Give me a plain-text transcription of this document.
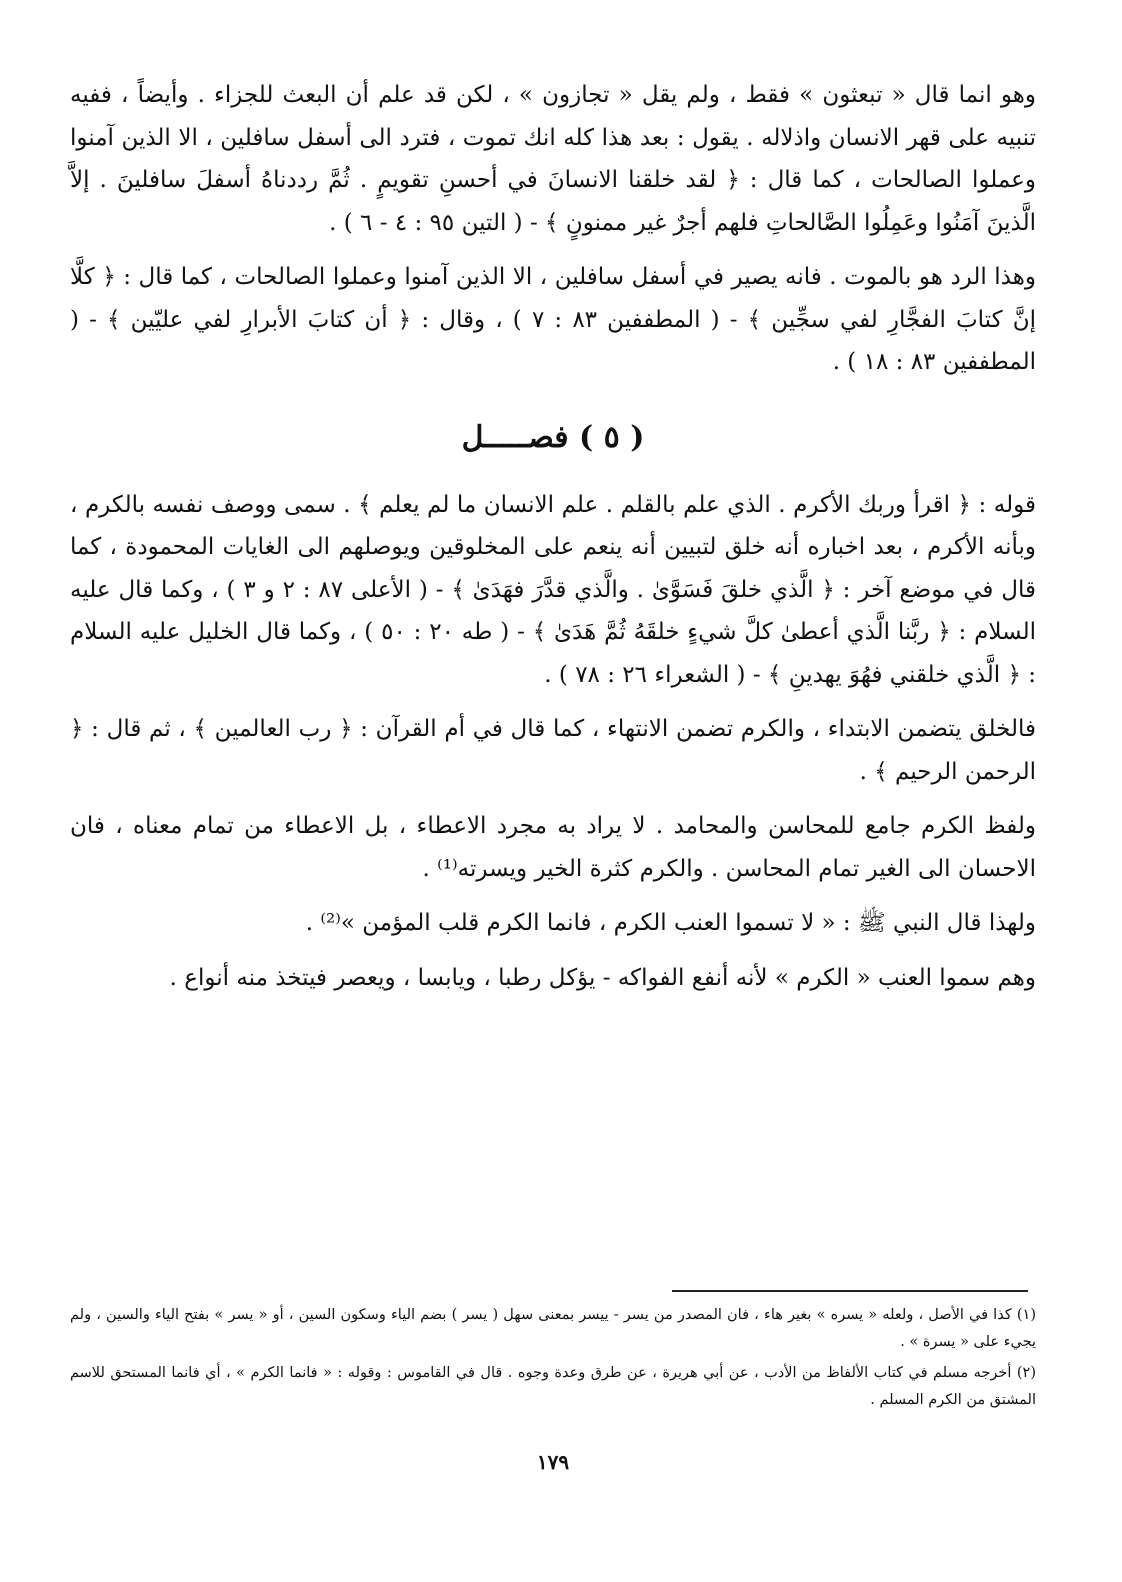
وهو انما قال « تبعثون » فقط ، ولم يقل « تجازون » ، لكن قد علم أن البعث للجزاء . وأيضاً ، ففيه تنبيه على قهر الانسان واذلاله . يقول : بعد هذا كله انك تموت ، فترد الى أسفل سافلين ، الا الذين آمنوا وعملوا الصالحات ، كما قال : ﴿ لقد خلقنا الانسانَ في أحسنِ تقويمٍ . ثُمَّ رددناهُ أسفلَ سافلينَ . إلاَّ الَّذينَ آمَنُوا وعَمِلُوا الصَّالحاتِ فلهم أجرٌ غير ممنونٍ ﴾ - ( التين ٩٥ : ٤ - ٦ ) .

وهذا الرد هو بالموت . فانه يصير في أسفل سافلين ، الا الذين آمنوا وعملوا الصالحات ، كما قال : ﴿ كلَّا إنَّ كتابَ الفجَّارِ لفي سجِّين ﴾ - ( المطففين ٨٣ : ٧ ) ، وقال : ﴿ أن كتابَ الأبرارِ لفي عليّين ﴾ - ( المطففين ٨٣ : ١٨ ) .

( ٥ ) فصـــــل

قوله : ﴿ اقرأ وربك الأكرم . الذي علم بالقلم . علم الانسان ما لم يعلم ﴾ . سمى ووصف نفسه بالكرم ، وبأنه الأكرم ، بعد اخباره أنه خلق لتبيين أنه ينعم على المخلوقين ويوصلهم الى الغايات المحمودة ، كما قال في موضع آخر : ﴿ الَّذي خلقَ فَسَوَّىٰ . والَّذي قدَّرَ فهَدَىٰ ﴾ - ( الأعلى ٨٧ : ٢ و ٣ ) ، وكما قال عليه السلام : ﴿ ربَّنا الَّذي أعطىٰ كلَّ شيءٍ خلقَهُ ثُمَّ هَدَىٰ ﴾ - ( طه ٢٠ : ٥٠ ) ، وكما قال الخليل عليه السلام : ﴿ الَّذي خلقني فهُوَ يهدينِ ﴾ - ( الشعراء ٢٦ : ٧٨ ) .

فالخلق يتضمن الابتداء ، والكرم تضمن الانتهاء ، كما قال في أم القرآن : ﴿ رب العالمين ﴾ ، ثم قال : ﴿ الرحمن الرحيم ﴾ .

ولفظ الكرم جامع للمحاسن والمحامد . لا يراد به مجرد الاعطاء ، بل الاعطاء من تمام معناه ، فان الاحسان الى الغير تمام المحاسن . والكرم كثرة الخير ويسرته⁽¹⁾ .

ولهذا قال النبي ﷺ : « لا تسموا العنب الكرم ، فانما الكرم قلب المؤمن »⁽²⁾ .

وهم سموا العنب « الكرم » لأنه أنفع الفواكه - يؤكل رطبا ، ويابسا ، ويعصر فيتخذ منه أنواع .

(١) كذا في الأصل ، ولعله « يسره » بغير هاء ، فان المصدر من يسر - ييسر بمعنى سهل ( يسر ) بضم الياء وسكون السين ، أو « يسر » بفتح الياء والسين ، ولم يجيء على « يسرة » .

(٢) أخرجه مسلم في كتاب الألفاظ من الأدب ، عن أبي هريرة ، عن طرق وعدة وجوه . قال في القاموس : وقوله : « فانما الكرم » ، أي فانما المستحق للاسم المشتق من الكرم المسلم .

١٧٩
